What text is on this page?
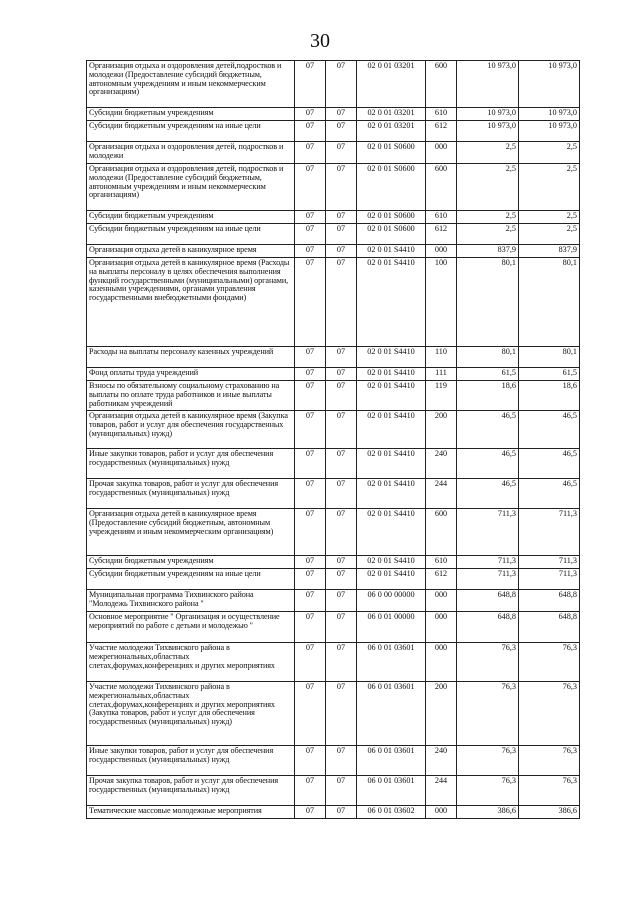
30
Организация отдыха и оздоровления детей,подростков и молодежи (Предоставление субсидий бюджетным, автономным учреждениям и иным некоммерческим организациям)	07	07	02 0 01 03201	600	10 973,0	10 973,0
Субсидии бюджетным учреждениям	07	07	02 0 01 03201	610	10 973,0	10 973,0
Субсидии бюджетным учреждениям на иные цели	07	07	02 0 01 03201	612	10 973,0	10 973,0
Организация отдыха и оздоровления детей, подростков и молодежи	07	07	02 0 01 S0600	000	2,5	2,5
Организация отдыха и оздоровления детей, подростков и молодежи (Предоставление субсидий бюджетным, автономным учреждениям и иным некоммерческим организациям)	07	07	02 0 01 S0600	600	2,5	2,5
Субсидии бюджетным учреждениям	07	07	02 0 01 S0600	610	2,5	2,5
Субсидии бюджетным учреждениям на иные цели	07	07	02 0 01 S0600	612	2,5	2,5
Организация отдыха детей в каникулярное время	07	07	02 0 01 S4410	000	837,9	837,9
Организация отдыха детей в каникулярное время (Расходы на выплаты персоналу в целях обеспечения выполнения функций государственными (муниципальными) органами, казенными учреждениями, органами управления государственными внебюджетными фондами)	07	07	02 0 01 S4410	100	80,1	80,1
Расходы на выплаты персоналу казенных учреждений	07	07	02 0 01 S4410	110	80,1	80,1
Фонд оплаты труда учреждений	07	07	02 0 01 S4410	111	61,5	61,5
Взносы по обязательному социальному страхованию на выплаты по оплате труда работников и иные выплаты работникам учреждений	07	07	02 0 01 S4410	119	18,6	18,6
Организация отдыха детей в каникулярное время (Закупка товаров, работ и услуг для обеспечения государственных (муниципальных) нужд)	07	07	02 0 01 S4410	200	46,5	46,5
Иные закупки товаров, работ и услуг для обеспечения государственных (муниципальных) нужд	07	07	02 0 01 S4410	240	46,5	46,5
Прочая закупка товаров, работ и услуг для обеспечения государственных (муниципальных) нужд	07	07	02 0 01 S4410	244	46,5	46,5
Организация отдыха детей в каникулярное время (Предоставление субсидий бюджетным, автономным учреждениям и иным некоммерческим организациям)	07	07	02 0 01 S4410	600	711,3	711,3
Субсидии бюджетным учреждениям	07	07	02 0 01 S4410	610	711,3	711,3
Субсидии бюджетным учреждениям на иные цели	07	07	02 0 01 S4410	612	711,3	711,3
Муниципальная программа Тихвинского района "Молодежь Тихвинского района "	07	07	06 0 00 00000	000	648,8	648,8
Основное мероприятие " Организация и осуществление мероприятий по работе с детьми и молодежью "	07	07	06 0 01 00000	000	648,8	648,8
Участие молодежи Тихвинского района в межрегиональных,областных слетах,форумах,конференциях и других мероприятиях	07	07	06 0 01 03601	000	76,3	76,3
Участие молодежи Тихвинского района в межрегиональных,областных слетах,форумах,конференциях и других мероприятиях (Закупка товаров, работ и услуг для обеспечения государственных (муниципальных) нужд)	07	07	06 0 01 03601	200	76,3	76,3
Иные закупки товаров, работ и услуг для обеспечения государственных (муниципальных) нужд	07	07	06 0 01 03601	240	76,3	76,3
Прочая закупка товаров, работ и услуг для обеспечения государственных (муниципальных) нужд	07	07	06 0 01 03601	244	76,3	76,3
Тематические массовые молодежные мероприятия	07	07	06 0 01 03602	000	386,6	386,6
